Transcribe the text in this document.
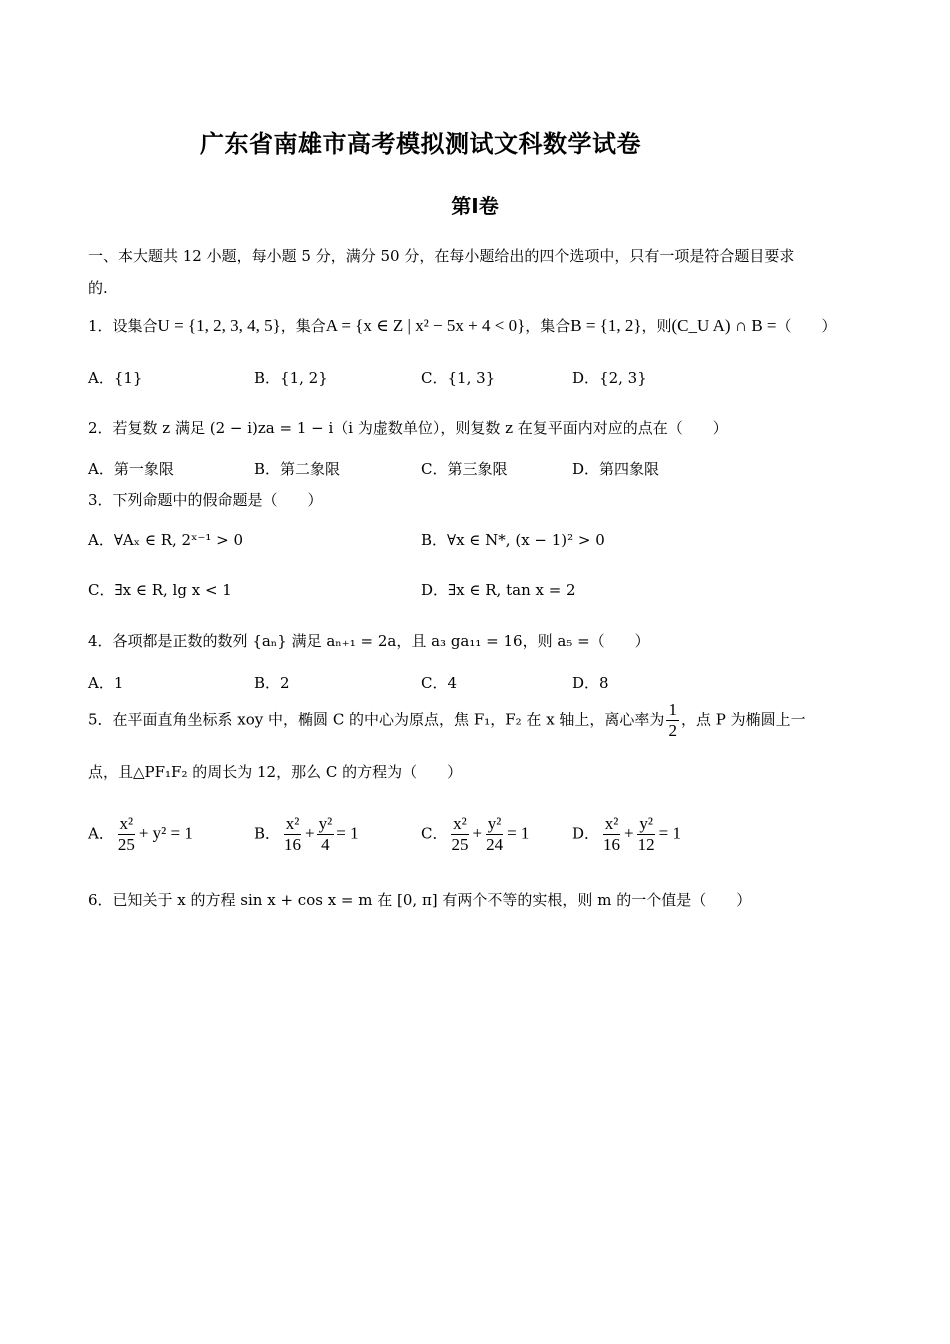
广东省南雄市高考模拟测试文科数学试卷
第Ⅰ卷
一、本大题共 12 小题，每小题 5 分，满分 50 分，在每小题给出的四个选项中，只有一项是符合题目要求
的.
1．设集合U = {1, 2, 3, 4, 5}，集合A = {x ∈ Z | x² − 5x + 4 < 0}，集合B = {1, 2}，则(C_U A) ∩ B =（　　）
A．{1}	B．{1, 2}	C．{1, 3}	D．{2, 3}
2．若复数 z 满足 (2 − i)za = 1 − i（i 为虚数单位），则复数 z 在复平面内对应的点在（　　）
A．第一象限	B．第二象限	C．第三象限	D．第四象限
3．下列命题中的假命题是（　　）
A．∀Aₓ ∈ R, 2ˣ⁻¹ > 0	B．∀x ∈ N*, (x − 1)² > 0
C．∃x ∈ R, lg x < 1	D．∃x ∈ R, tan x = 2
4．各项都是正数的数列 {aₙ} 满足 aₙ₊₁ = 2a，且 a₃ ga₁₁ = 16，则 a₅ =（　　）
A．1	B．2	C．4	D．8
5．在平面直角坐标系 xoy 中，椭圆 C 的中心为原点，焦 F₁，F₂ 在 x 轴上，离心率为 $\frac{1}{2}$ ，点 P 为椭圆上一
点，且△PF₁F₂ 的周长为 12，那么 C 的方程为（　　）
A． $\frac{\text{x²}}{25} + y^2 = 1$	B． $\frac{\text{x²}}{16} + \frac{\text{y²}}{4} = 1$	C． $\frac{\text{x²}}{25} + \frac{\text{y²}}{24} = 1$	D． $\frac{\text{x²}}{16} + \frac{\text{y²}}{12} = 1$
6．已知关于 x 的方程 sin x + cos x = m 在 [0, π] 有两个不等的实根，则 m 的一个值是（　　）
